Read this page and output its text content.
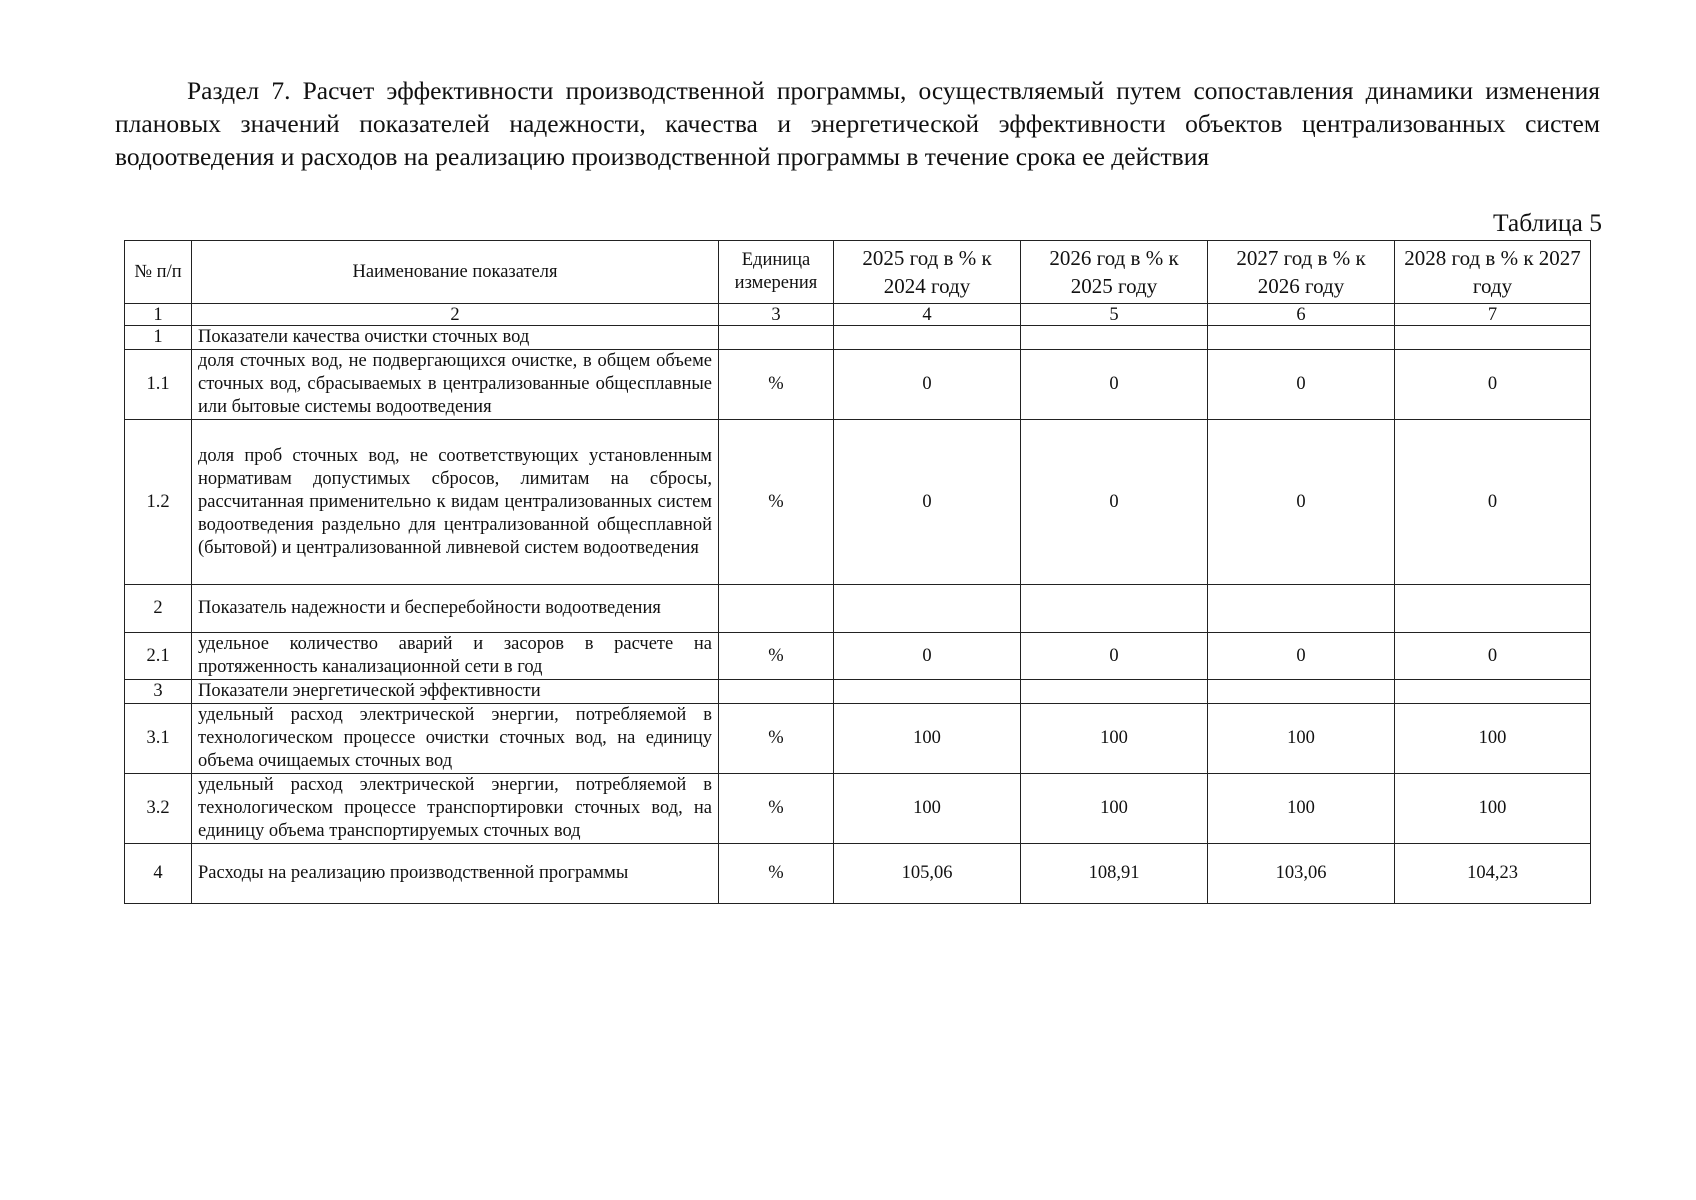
Раздел 7. Расчет эффективности производственной программы, осуществляемый путем сопоставления динамики изменения плановых значений показателей надежности, качества и энергетической эффективности объектов централизованных систем водоотведения и расходов на реализацию производственной программы в течение срока ее действия

Таблица 5

№ п/п	Наименование показателя	Единица измерения	2025 год в % к 2024 году	2026 год в % к 2025 году	2027 год в % к 2026 году	2028 год в % к 2027 году
1	2	3	4	5	6	7
1	Показатели качества очистки сточных вод					
1.1	доля сточных вод, не подвергающихся очистке, в общем объеме сточных вод, сбрасываемых в централизованные общесплавные или бытовые системы водоотведения	%	0	0	0	0
1.2	доля проб сточных вод, не соответствующих установленным нормативам допустимых сбросов, лимитам на сбросы, рассчитанная применительно к видам централизованных систем водоотведения раздельно для централизованной общесплавной (бытовой) и централизованной ливневой систем водоотведения	%	0	0	0	0
2	Показатель надежности и бесперебойности водоотведения					
2.1	удельное количество аварий и засоров в расчете на протяженность канализационной сети в год	%	0	0	0	0
3	Показатели энергетической эффективности					
3.1	удельный расход электрической энергии, потребляемой в технологическом процессе очистки сточных вод, на единицу объема очищаемых сточных вод	%	100	100	100	100
3.2	удельный расход электрической энергии, потребляемой в технологическом процессе транспортировки сточных вод, на единицу объема транспортируемых сточных вод	%	100	100	100	100
4	Расходы на реализацию производственной программы	%	105,06	108,91	103,06	104,23
